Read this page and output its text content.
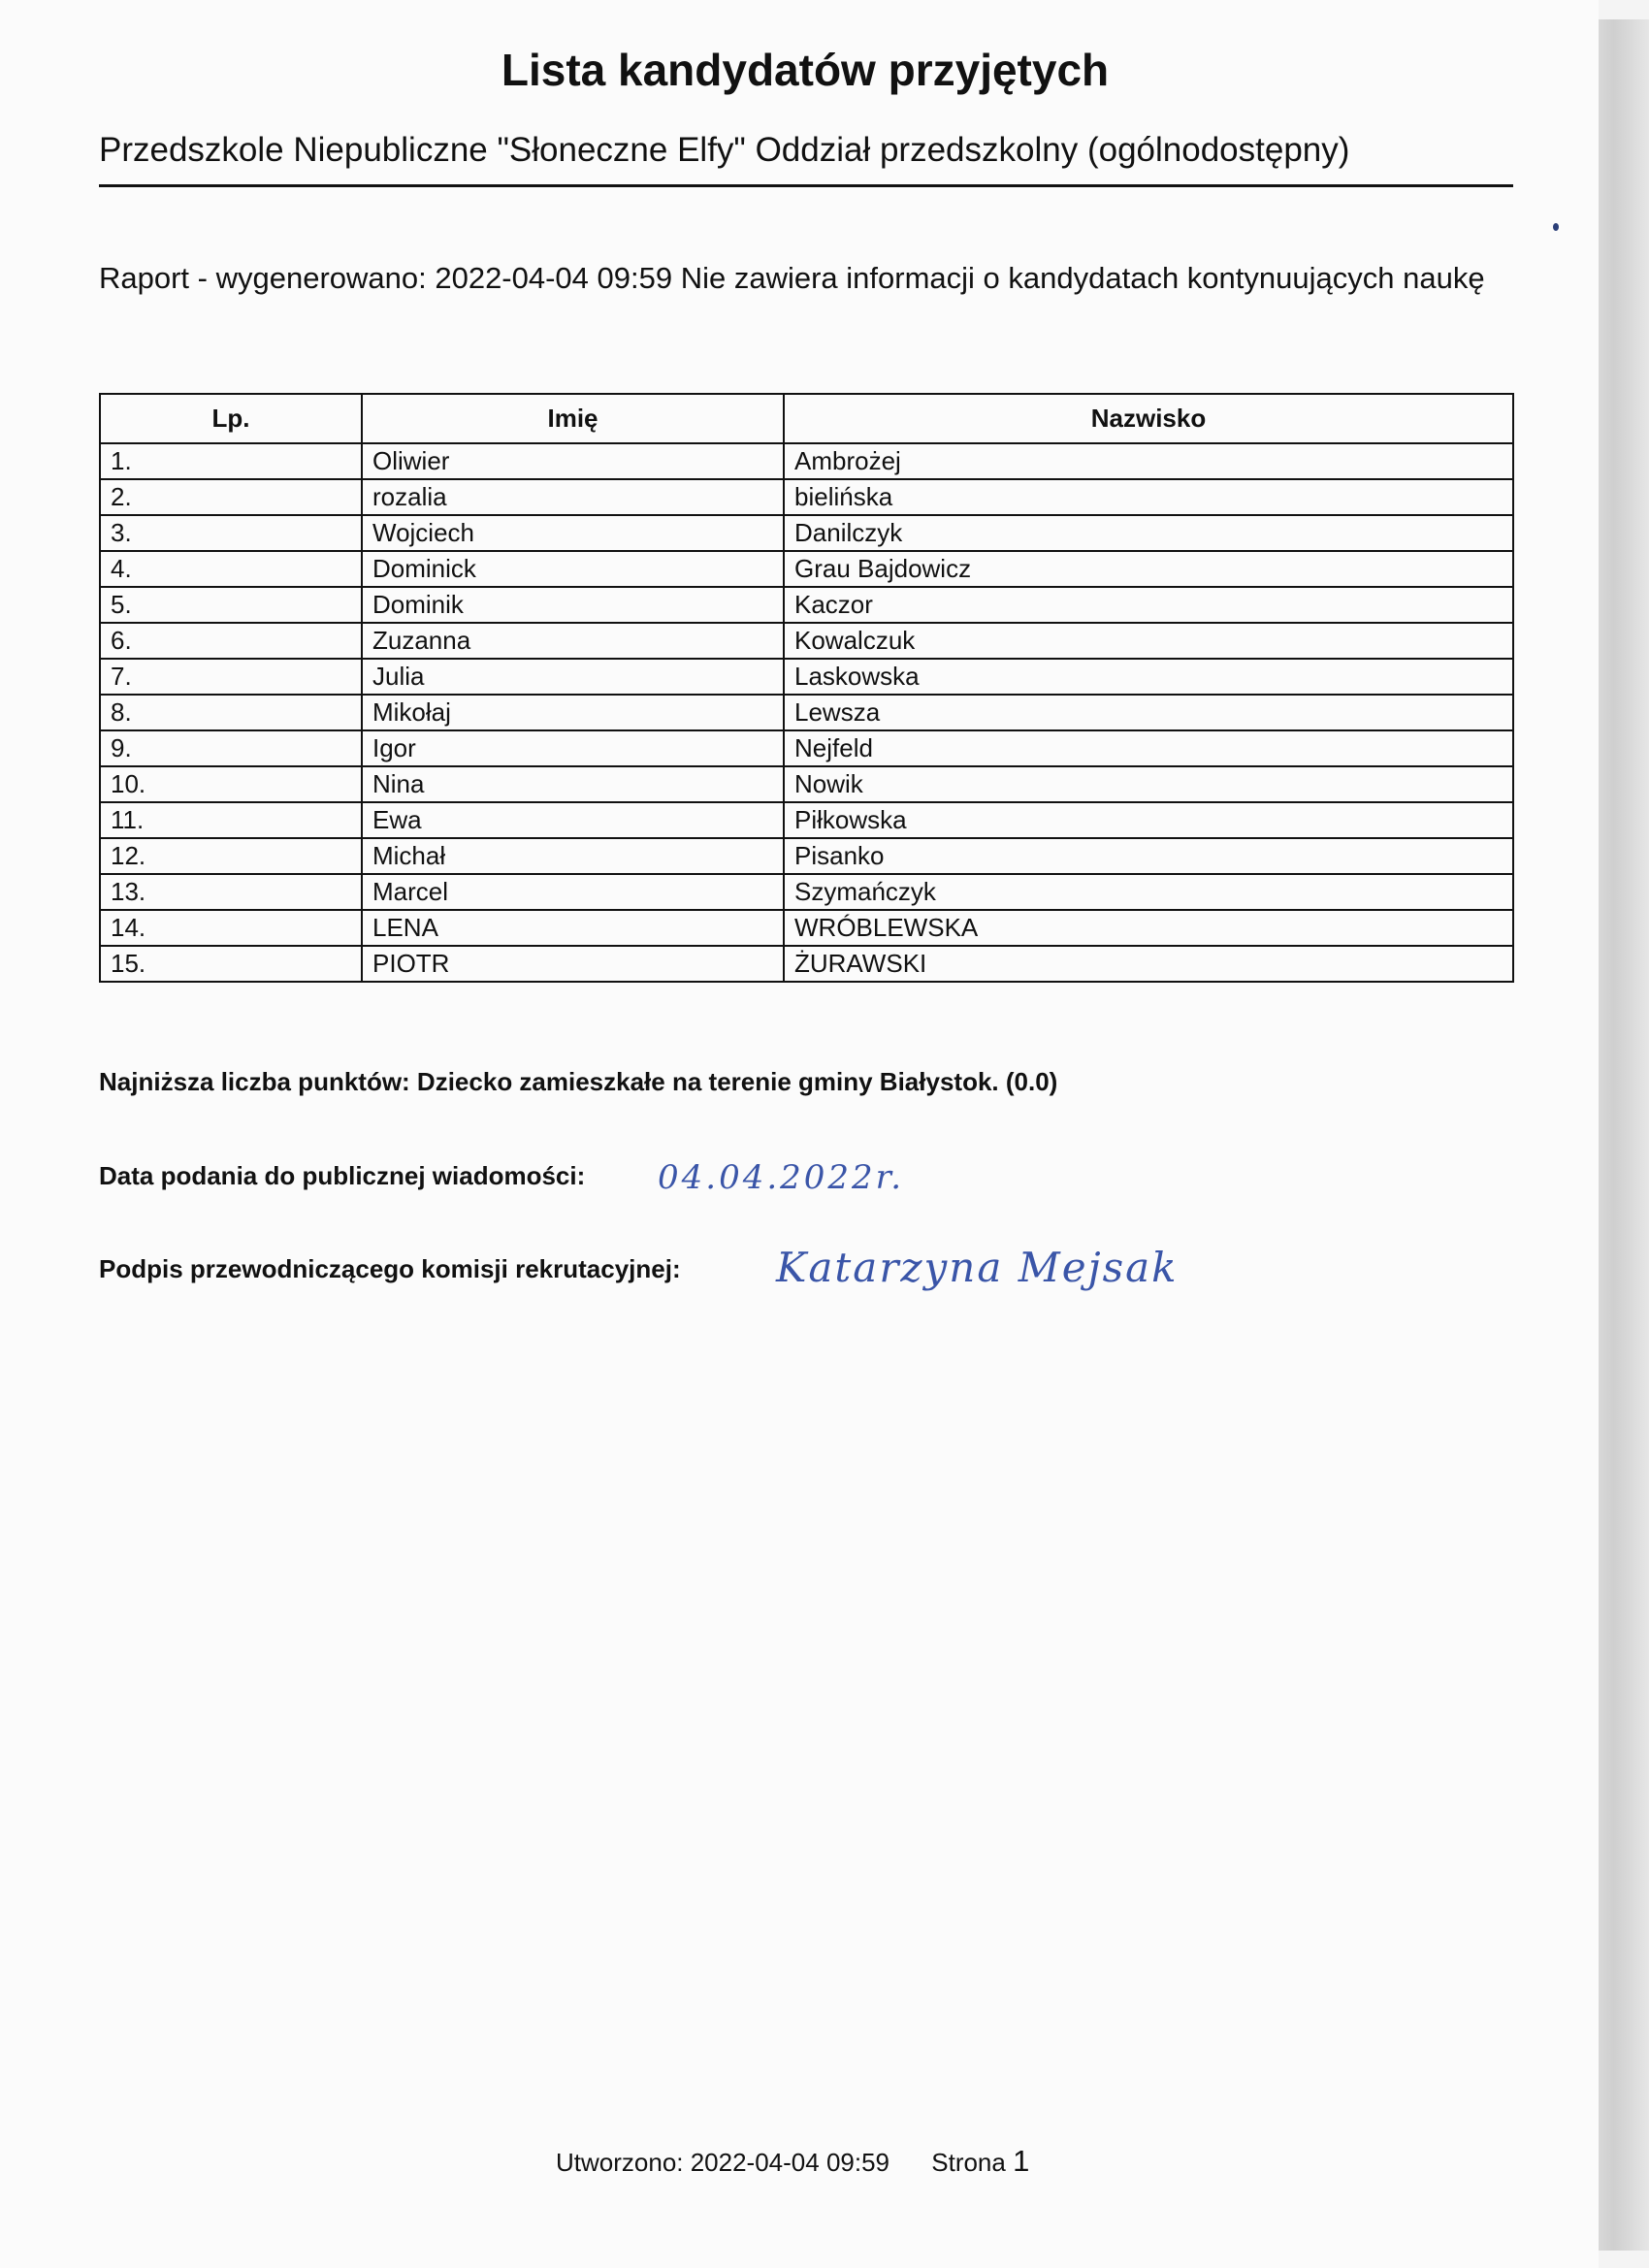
Lista kandydatów przyjętych
Przedszkole Niepubliczne "Słoneczne Elfy" Oddział przedszkolny (ogólnodostępny)
Raport - wygenerowano: 2022-04-04 09:59 Nie zawiera informacji o kandydatach kontynuujących naukę
Lp.	Imię	Nazwisko
1.	Oliwier	Ambrożej
2.	rozalia	bielińska
3.	Wojciech	Danilczyk
4.	Dominick	Grau Bajdowicz
5.	Dominik	Kaczor
6.	Zuzanna	Kowalczuk
7.	Julia	Laskowska
8.	Mikołaj	Lewsza
9.	Igor	Nejfeld
10.	Nina	Nowik
11.	Ewa	Piłkowska
12.	Michał	Pisanko
13.	Marcel	Szymańczyk
14.	LENA	WRÓBLEWSKA
15.	PIOTR	ŻURAWSKI
Najniższa liczba punktów: Dziecko zamieszkałe na terenie gminy Białystok. (0.0)
Data podania do publicznej wiadomości: 04.04.2022r.
Podpis przewodniczącego komisji rekrutacyjnej: Katarzyna Mejsak
Utworzono: 2022-04-04 09:59 Strona 1
